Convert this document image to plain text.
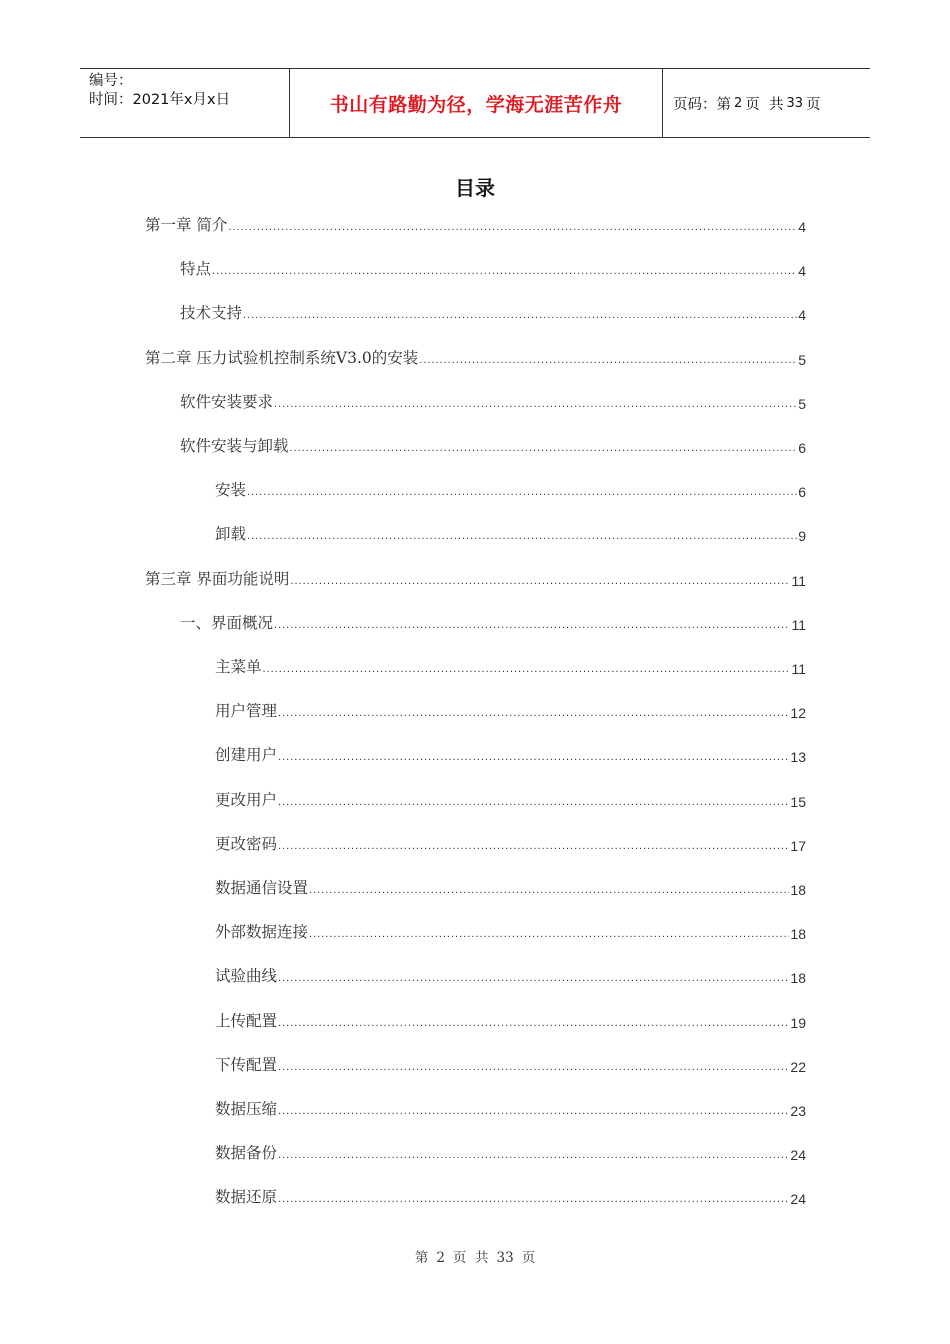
编号：
时间：2021年x月x日	书山有路勤为径，学海无涯苦作舟	页码：第 2 页  共 33 页
目录
第一章 简介 .....	4
特点 .....	4
技术支持 .....	4
第二章 压力试验机控制系统V3.0的安装 .....	5
软件安装要求 .....	5
软件安装与卸载 .....	6
安装 .....	6
卸载 .....	9
第三章 界面功能说明 .....	11
一、界面概况 .....	11
主菜单 .....	11
用户管理 .....	12
创建用户 .....	13
更改用户 .....	15
更改密码 .....	17
数据通信设置 .....	18
外部数据连接 .....	18
试验曲线 .....	18
上传配置 .....	19
下传配置 .....	22
数据压缩 .....	23
数据备份 .....	24
数据还原 .....	24
第 2 页  共 33 页
